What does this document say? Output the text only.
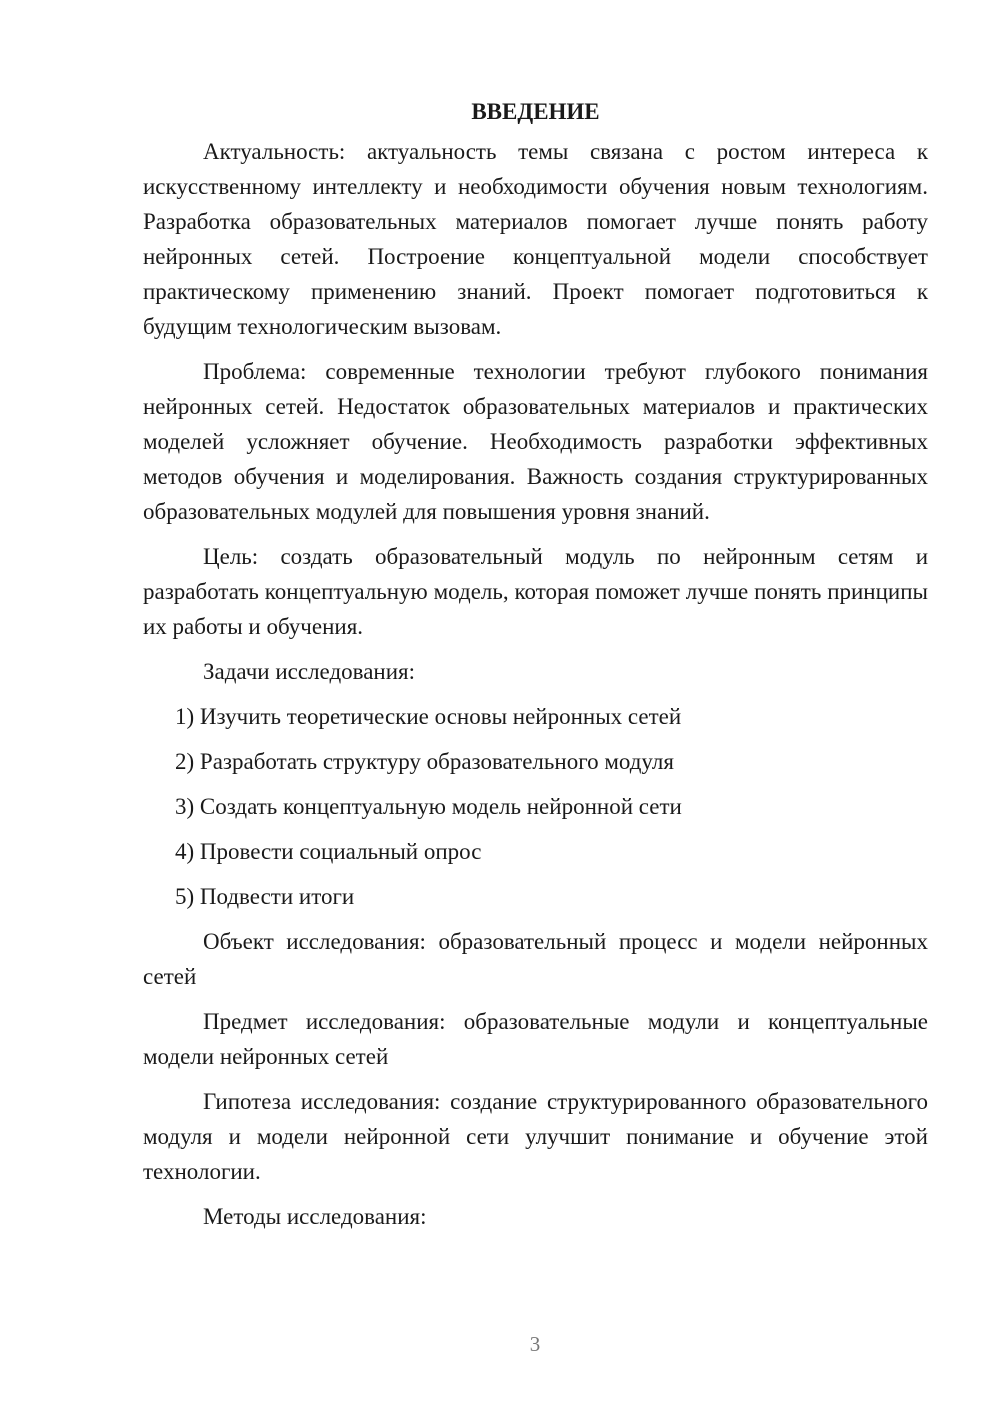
ВВЕДЕНИЕ

Актуальность: актуальность темы связана с ростом интереса к искусственному интеллекту и необходимости обучения новым технологиям. Разработка образовательных материалов помогает лучше понять работу нейронных сетей. Построение концептуальной модели способствует практическому применению знаний. Проект помогает подготовиться к будущим технологическим вызовам.

Проблема: современные технологии требуют глубокого понимания нейронных сетей. Недостаток образовательных материалов и практических моделей усложняет обучение. Необходимость разработки эффективных методов обучения и моделирования. Важность создания структурированных образовательных модулей для повышения уровня знаний.

Цель: создать образовательный модуль по нейронным сетям и разработать концептуальную модель, которая поможет лучше понять принципы их работы и обучения.

Задачи исследования:

1) Изучить теоретические основы нейронных сетей
2) Разработать структуру образовательного модуля
3) Создать концептуальную модель нейронной сети
4) Провести социальный опрос
5) Подвести итоги

Объект исследования: образовательный процесс и модели нейронных сетей

Предмет исследования: образовательные модули и концептуальные модели нейронных сетей

Гипотеза исследования: создание структурированного образовательного модуля и модели нейронной сети улучшит понимание и обучение этой технологии.

Методы исследования:

3
